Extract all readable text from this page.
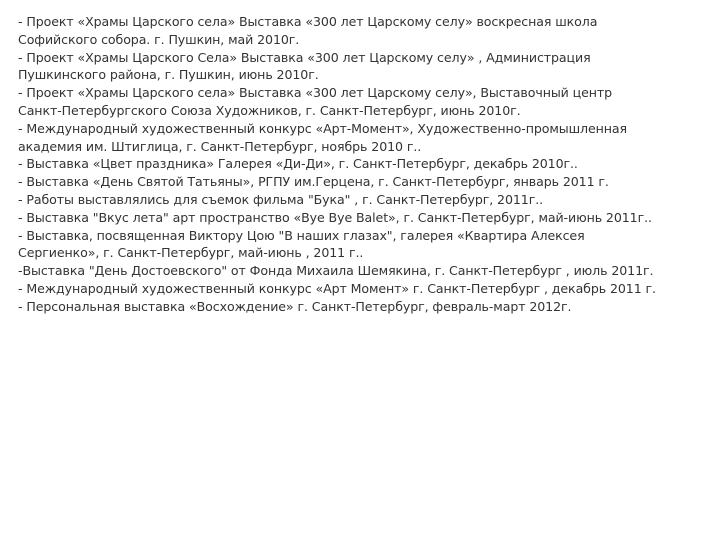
- Проект «Храмы Царского села» Выставка «300 лет Царскому селу» воскресная школа
Софийского собора. г. Пушкин, май 2010г.
- Проект «Храмы Царского Села» Выставка «300 лет Царскому селу» , Администрация
Пушкинского района, г. Пушкин, июнь 2010г.
- Проект «Храмы Царского села» Выставка «300 лет Царскому селу», Выставочный центр
Санкт-Петербургского Союза Художников, г. Санкт-Петербург, июнь 2010г.
- Международный художественный конкурс «Арт-Момент», Художественно-промышленная
академия им. Штиглица, г. Санкт-Петербург, ноябрь 2010 г..
- Выставка «Цвет праздника» Галерея «Ди-Ди», г. Санкт-Петербург, декабрь 2010г..
- Выставка «День Святой Татьяны», РГПУ им.Герцена, г. Санкт-Петербург, январь 2011 г.
- Работы выставлялись для съемок фильма "Бука" , г. Санкт-Петербург, 2011г..
- Выставка "Вкус лета" арт пространство «Bye Bye Balet», г. Санкт-Петербург, май-июнь 2011г..
- Выставка, посвященная Виктору Цою "В наших глазах", галерея «Квартира Алексея
Сергиенко», г. Санкт-Петербург, май-июнь , 2011 г..
-Выставка "День Достоевского" от Фонда Михаила Шемякина, г. Санкт-Петербург , июль 2011г.
- Международный художественный конкурс «Арт Момент» г. Санкт-Петербург , декабрь 2011 г.
- Персональная выставка «Восхождение» г. Санкт-Петербург, февраль-март 2012г.
